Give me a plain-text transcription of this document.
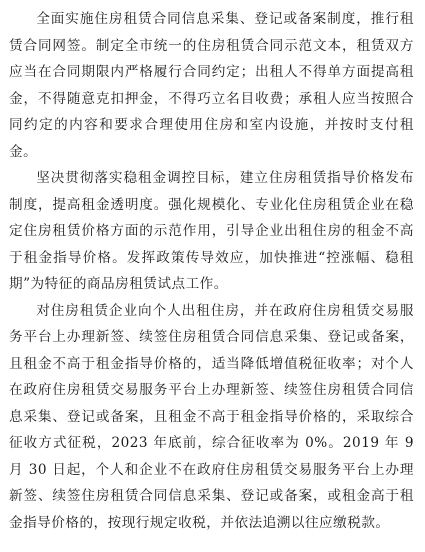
全面实施住房租赁合同信息采集、登记或备案制度，推行租赁合同网签。制定全市统一的住房租赁合同示范文本，租赁双方应当在合同期限内严格履行合同约定；出租人不得单方面提高租金，不得随意克扣押金，不得巧立名目收费；承租人应当按照合同约定的内容和要求合理使用住房和室内设施，并按时支付租金。

坚决贯彻落实稳租金调控目标，建立住房租赁指导价格发布制度，提高租金透明度。强化规模化、专业化住房租赁企业在稳定住房租赁价格方面的示范作用，引导企业出租住房的租金不高于租金指导价格。发挥政策传导效应，加快推进“控涨幅、稳租期”为特征的商品房租赁试点工作。

对住房租赁企业向个人出租住房，并在政府住房租赁交易服务平台上办理新签、续签住房租赁合同信息采集、登记或备案，且租金不高于租金指导价格的，适当降低增值税征收率；对个人在政府住房租赁交易服务平台上办理新签、续签住房租赁合同信息采集、登记或备案，且租金不高于租金指导价格的，采取综合征收方式征税，2023 年底前，综合征收率为 0%。2019 年 9 月 30 日起，个人和企业不在政府住房租赁交易服务平台上办理新签、续签住房租赁合同信息采集、登记或备案，或租金高于租金指导价格的，按现行规定收税，并依法追溯以往应缴税款。
